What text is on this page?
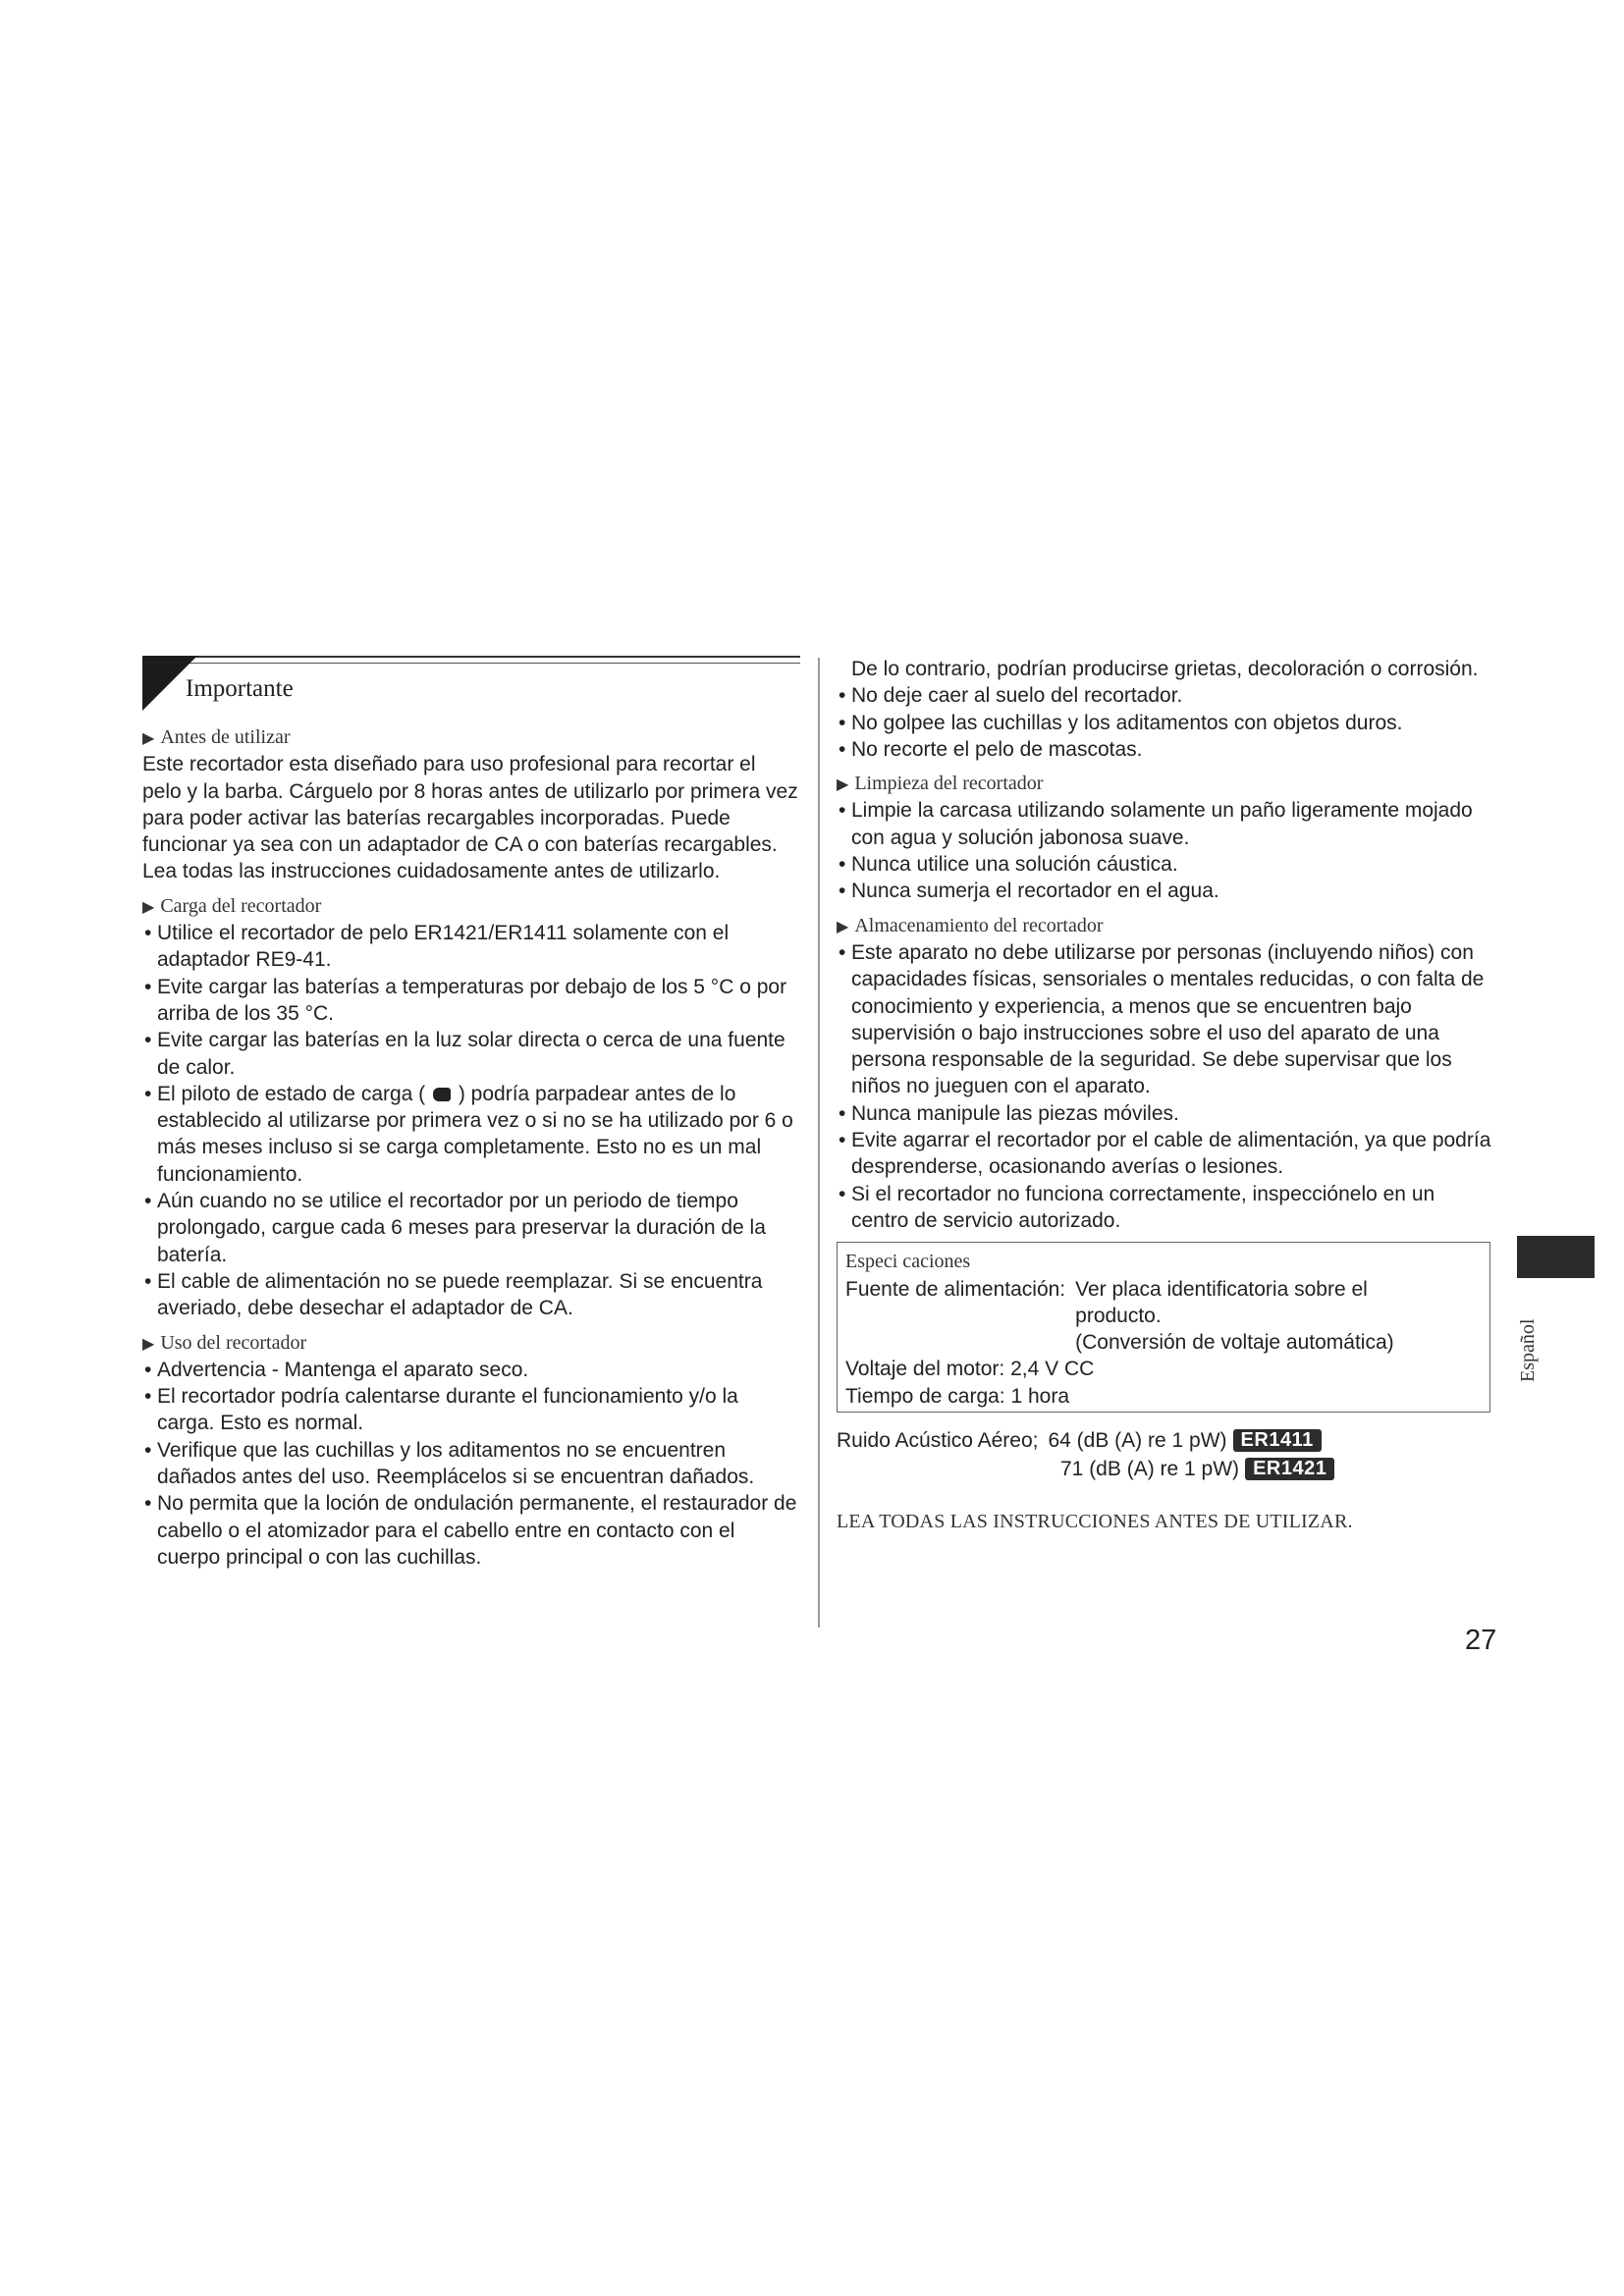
Importante
▶ Antes de utilizar

Este recortador esta diseñado para uso profesional para recortar el pelo y la barba. Cárguelo por 8 horas antes de utilizarlo por primera vez para poder activar las baterías recargables incorporadas. Puede funcionar ya sea con un adaptador de CA o con baterías recargables. Lea todas las instrucciones cuidadosamente antes de utilizarlo.

▶ Carga del recortador
• Utilice el recortador de pelo ER1421/ER1411 solamente con el adaptador RE9-41.
• Evite cargar las baterías a temperaturas por debajo de los 5 °C o por arriba de los 35 °C.
• Evite cargar las baterías en la luz solar directa o cerca de una fuente de calor.
• El piloto de estado de carga (  ) podría parpadear antes de lo establecido al utilizarse por primera vez o si no se ha utilizado por 6 o más meses incluso si se carga completamente. Esto no es un mal funcionamiento.
• Aún cuando no se utilice el recortador por un periodo de tiempo prolongado, cargue cada 6 meses para preservar la duración de la batería.
• El cable de alimentación no se puede reemplazar. Si se encuentra averiado, debe desechar el adaptador de CA.
▶ Uso del recortador
• Advertencia - Mantenga el aparato seco.
• El recortador podría calentarse durante el funcionamiento y/o la carga. Esto es normal.
• Verifique que las cuchillas y los aditamentos no se encuentren dañados antes del uso. Reemplácelos si se encuentran dañados.
• No permita que la loción de ondulación permanente, el restaurador de cabello o el atomizador para el cabello entre en contacto con el cuerpo principal o con las cuchillas.

De lo contrario, podrían producirse grietas, decoloración o corrosión.

• No deje caer al suelo del recortador.
• No golpee las cuchillas y los aditamentos con objetos duros.
• No recorte el pelo de mascotas.
▶ Limpieza del recortador
• Limpie la carcasa utilizando solamente un paño ligeramente mojado con agua y solución jabonosa suave.
• Nunca utilice una solución cáustica.
• Nunca sumerja el recortador en el agua.
▶ Almacenamiento del recortador
• Este aparato no debe utilizarse por personas (incluyendo niños) con capacidades físicas, sensoriales o mentales reducidas, o con falta de conocimiento y experiencia, a menos que se encuentren bajo supervisión o bajo instrucciones sobre el uso del aparato de una persona responsable de la seguridad. Se debe supervisar que los niños no jueguen con el aparato.
• Nunca manipule las piezas móviles.
• Evite agarrar el recortador por el cable de alimentación, ya que podría desprenderse, ocasionando averías o lesiones.
• Si el recortador no funciona correctamente, inspecciónelo en un centro de servicio autorizado.
Especi caciones
Fuente de alimentación: Ver placa identificatoria sobre el
producto.
(Conversión de voltaje automática)
Voltaje del motor: 2,4 V CC
Tiempo de carga: 1 hora
Ruido Acústico Aéreo; 64 (dB (A) re 1 pW) ER1411
71 (dB (A) re 1 pW) ER1421
LEA TODAS LAS INSTRUCCIONES ANTES DE UTILIZAR.
Español
27
